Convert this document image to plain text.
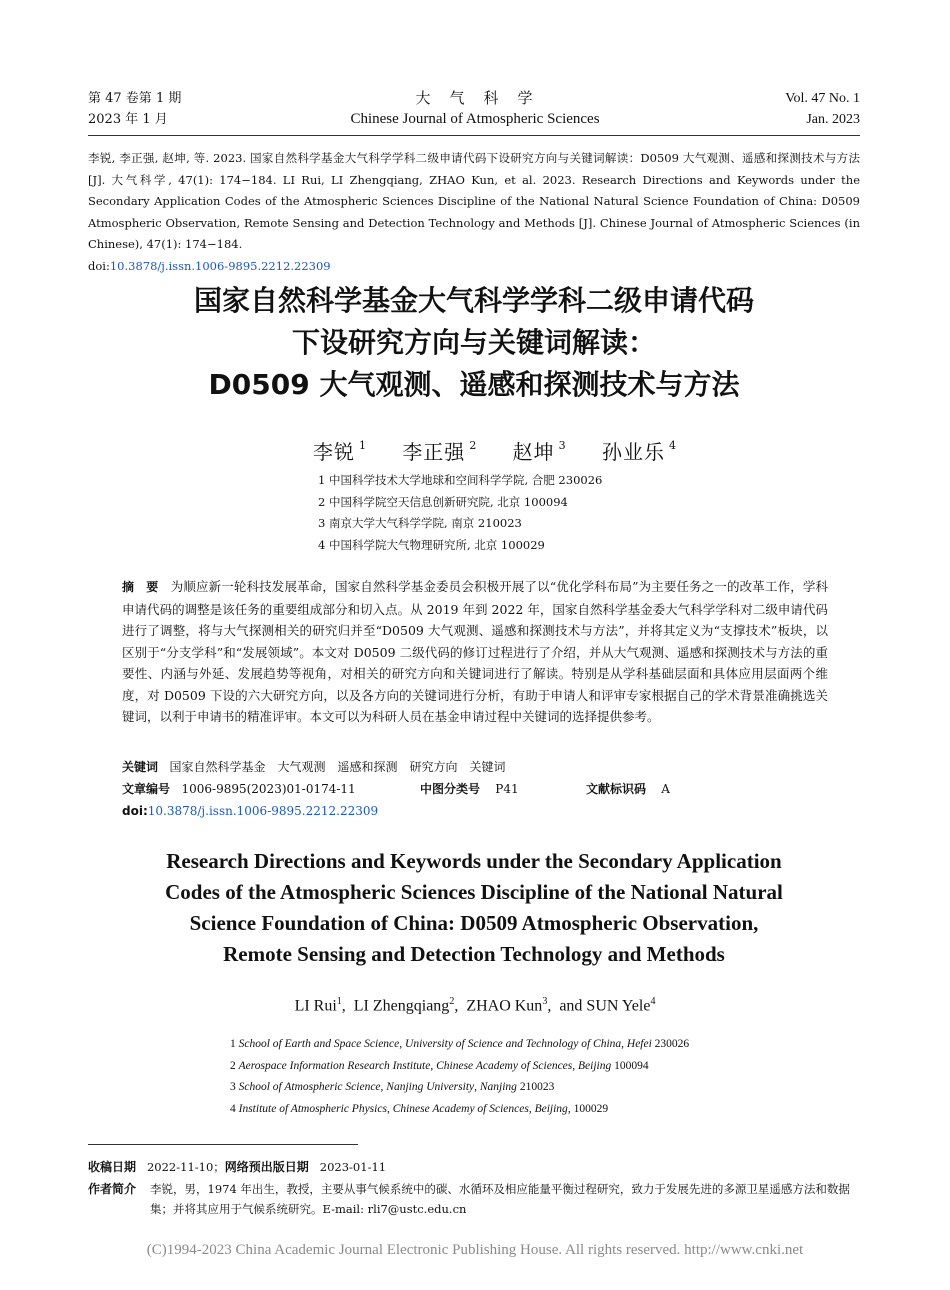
第 47 卷第 1 期
2023 年 1 月
大　气　科　学
Chinese Journal of Atmospheric Sciences
Vol. 47 No. 1
Jan. 2023
李锐, 李正强, 赵坤, 等. 2023. 国家自然科学基金大气科学学科二级申请代码下设研究方向与关键词解读：D0509 大气观测、遥感和探测技术与方法 [J]. 大气科学, 47(1): 174−184. LI Rui, LI Zhengqiang, ZHAO Kun, et al. 2023. Research Directions and Keywords under the Secondary Application Codes of the Atmospheric Sciences Discipline of the National Natural Science Foundation of China: D0509 Atmospheric Observation, Remote Sensing and Detection Technology and Methods [J]. Chinese Journal of Atmospheric Sciences (in Chinese), 47(1): 174−184.
doi:10.3878/j.issn.1006-9895.2212.22309
国家自然科学基金大气科学学科二级申请代码
下设研究方向与关键词解读：
D0509 大气观测、遥感和探测技术与方法
李锐 $^1$ 李正强 $^2$ 赵坤 $^3$ 孙业乐 $^4$
1 中国科学技术大学地球和空间科学学院, 合肥 230026
2 中国科学院空天信息创新研究院, 北京 100094
3 南京大学大气科学学院, 南京 210023
4 中国科学院大气物理研究所, 北京 100029
摘　要 为顺应新一轮科技发展革命，国家自然科学基金委员会积极开展了以“优化学科布局”为主要任务之一的改革工作，学科申请代码的调整是该任务的重要组成部分和切入点。从 2019 年到 2022 年，国家自然科学基金委大气科学学科对二级申请代码进行了调整，将与大气探测相关的研究归并至“D0509 大气观测、遥感和探测技术与方法”，并将其定义为“支撑技术”板块，以区别于“分支学科”和“发展领域”。本文对 D0509 二级代码的修订过程进行了介绍，并从大气观测、遥感和探测技术与方法的重要性、内涵与外延、发展趋势等视角，对相关的研究方向和关键词进行了解读。特别是从学科基础层面和具体应用层面两个维度，对 D0509 下设的六大研究方向，以及各方向的关键词进行分析，有助于申请人和评审专家根据自己的学术背景准确挑选关键词，以利于申请书的精准评审。本文可以为科研人员在基金申请过程中关键词的选择提供参考。
关键词 国家自然科学基金　大气观测　遥感和探测　研究方向　关键词
文章编号 1006-9895(2023)01-0174-11	中图分类号 P41	文献标识码 A
doi:10.3878/j.issn.1006-9895.2212.22309
Research Directions and Keywords under the Secondary Application
Codes of the Atmospheric Sciences Discipline of the National Natural
Science Foundation of China: D0509 Atmospheric Observation,
Remote Sensing and Detection Technology and Methods
LI Rui$^1$,  LI Zhengqiang$^2$,  ZHAO Kun$^3$,  and SUN Yele$^4$
1 School of Earth and Space Science, University of Science and Technology of China, Hefei 230026
2 Aerospace Information Research Institute, Chinese Academy of Sciences, Beijing 100094
3 School of Atmospheric Science, Nanjing University, Nanjing 210023
4 Institute of Atmospheric Physics, Chinese Academy of Sciences, Beijing, 100029
收稿日期 2022-11-10；网络预出版日期 2023-01-11
作者简介	李锐，男，1974 年出生，教授，主要从事气候系统中的碳、水循环及相应能量平衡过程研究，致力于发展先进的多源卫星遥感方法和数据集；并将其应用于气候系统研究。E-mail: rli7@ustc.edu.cn
(C)1994-2023 China Academic Journal Electronic Publishing House. All rights reserved. http://www.cnki.net
